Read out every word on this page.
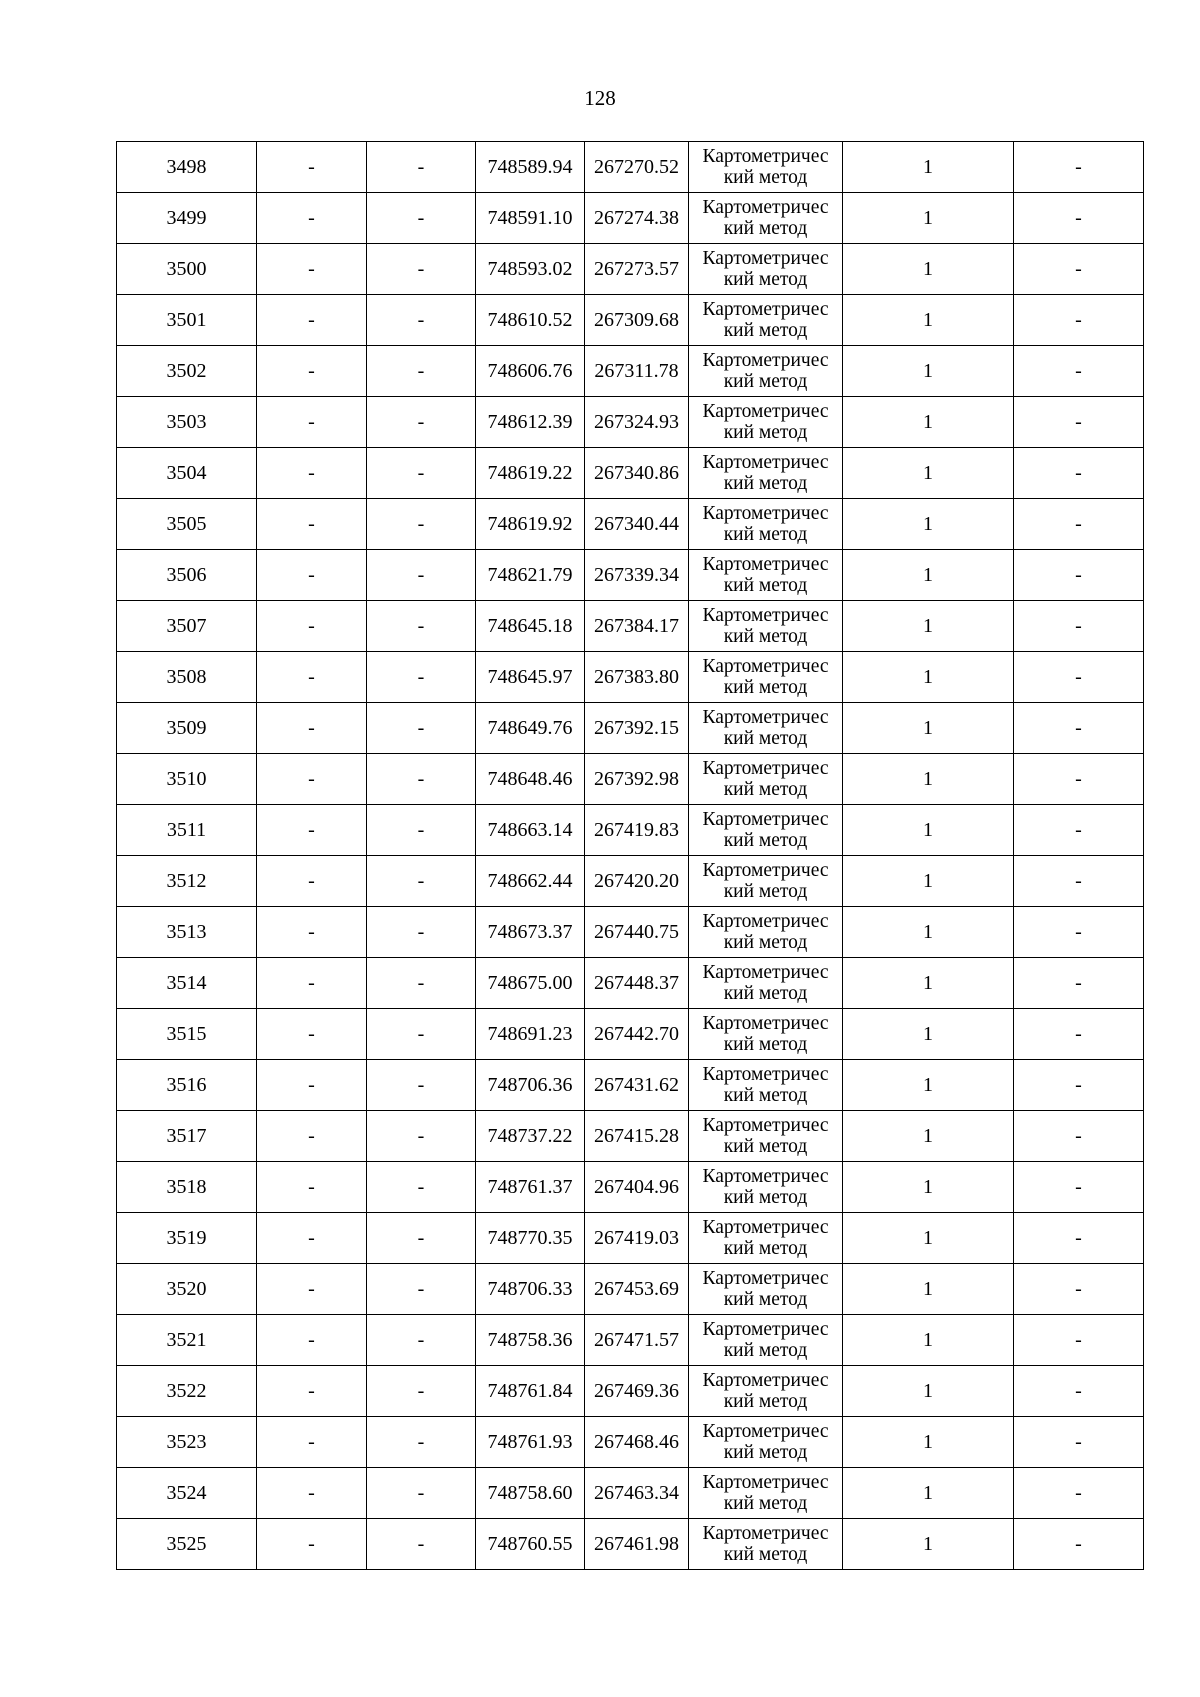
128
3498	-	-	748589.94	267270.52	Картометричес
кий метод	1	-
3499	-	-	748591.10	267274.38	Картометричес
кий метод	1	-
3500	-	-	748593.02	267273.57	Картометричес
кий метод	1	-
3501	-	-	748610.52	267309.68	Картометричес
кий метод	1	-
3502	-	-	748606.76	267311.78	Картометричес
кий метод	1	-
3503	-	-	748612.39	267324.93	Картометричес
кий метод	1	-
3504	-	-	748619.22	267340.86	Картометричес
кий метод	1	-
3505	-	-	748619.92	267340.44	Картометричес
кий метод	1	-
3506	-	-	748621.79	267339.34	Картометричес
кий метод	1	-
3507	-	-	748645.18	267384.17	Картометричес
кий метод	1	-
3508	-	-	748645.97	267383.80	Картометричес
кий метод	1	-
3509	-	-	748649.76	267392.15	Картометричес
кий метод	1	-
3510	-	-	748648.46	267392.98	Картометричес
кий метод	1	-
3511	-	-	748663.14	267419.83	Картометричес
кий метод	1	-
3512	-	-	748662.44	267420.20	Картометричес
кий метод	1	-
3513	-	-	748673.37	267440.75	Картометричес
кий метод	1	-
3514	-	-	748675.00	267448.37	Картометричес
кий метод	1	-
3515	-	-	748691.23	267442.70	Картометричес
кий метод	1	-
3516	-	-	748706.36	267431.62	Картометричес
кий метод	1	-
3517	-	-	748737.22	267415.28	Картометричес
кий метод	1	-
3518	-	-	748761.37	267404.96	Картометричес
кий метод	1	-
3519	-	-	748770.35	267419.03	Картометричес
кий метод	1	-
3520	-	-	748706.33	267453.69	Картометричес
кий метод	1	-
3521	-	-	748758.36	267471.57	Картометричес
кий метод	1	-
3522	-	-	748761.84	267469.36	Картометричес
кий метод	1	-
3523	-	-	748761.93	267468.46	Картометричес
кий метод	1	-
3524	-	-	748758.60	267463.34	Картометричес
кий метод	1	-
3525	-	-	748760.55	267461.98	Картометричес
кий метод	1	-
